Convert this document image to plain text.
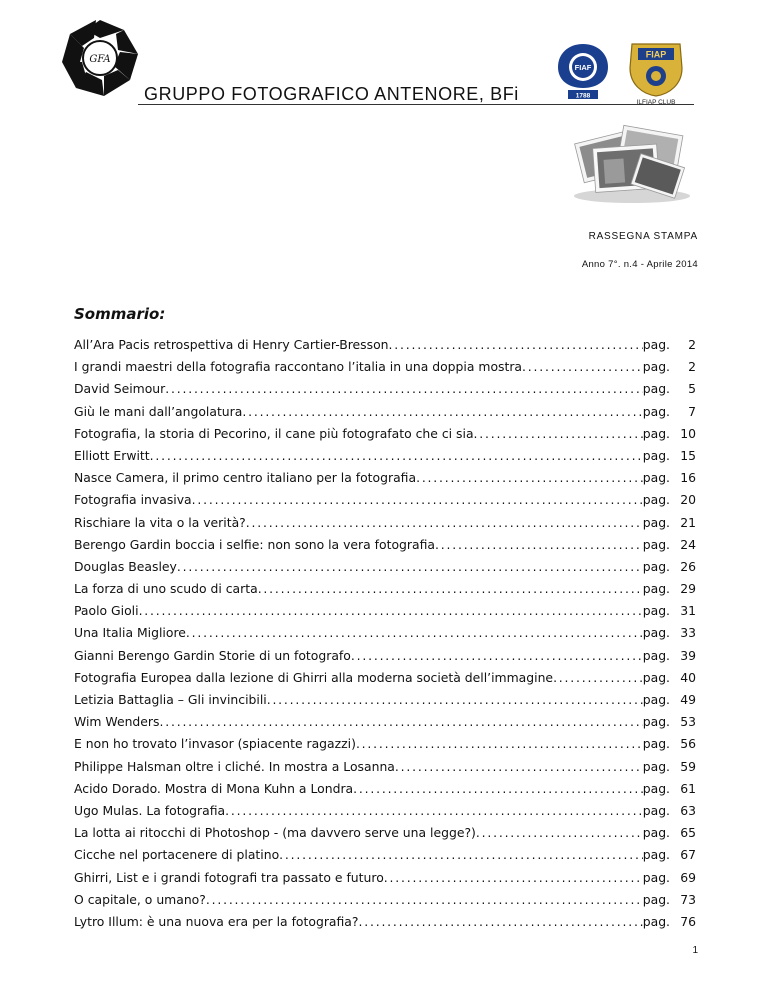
GFA
GRUPPO FOTOGRAFICO ANTENORE, BFi
FIAF
1788
FIAP
ILFIAP CLUB
RASSEGNA STAMPA
Anno 7°. n.4 - Aprile 2014
Sommario:
All’Ara Pacis retrospettiva di Henry Cartier-Bresson .....	pag.	2
I grandi maestri della fotografia raccontano l’italia in una doppia mostra .....	pag.	2
David Seimour .....	pag.	5
Giù le mani dall’angolatura .....	pag.	7
Fotografia, la storia di Pecorino, il cane più fotografato che ci sia .....	pag. 10
Elliott Erwitt .....	pag. 15
Nasce Camera, il primo centro italiano per la fotografia .....	pag. 16
Fotografia invasiva .....	pag. 20
Rischiare la vita o la verità? .....	pag. 21
Berengo Gardin boccia i selfie: non sono la vera fotografia .....	pag. 24
Douglas Beasley .....	pag. 26
La forza di uno scudo di carta .....	pag. 29
Paolo Gioli .....	pag. 31
Una Italia Migliore .....	pag. 33
Gianni Berengo Gardin Storie di un fotografo .....	pag. 39
Fotografia Europea dalla lezione di Ghirri alla moderna società dell’immagine .....	pag. 40
Letizia Battaglia – Gli invincibili .....	pag. 49
Wim Wenders .....	pag. 53
E non ho trovato l’invasor (spiacente ragazzi) .....	pag. 56
Philippe Halsman oltre i cliché. In mostra a Losanna .....	pag. 59
Acido Dorado. Mostra di Mona Kuhn a Londra .....	pag. 61
Ugo Mulas. La fotografia .....	pag. 63
La lotta ai ritocchi di Photoshop - (ma davvero serve una legge?) .....	pag. 65
Cicche nel portacenere di platino .....	pag. 67
Ghirri, List e i grandi fotografi tra passato e futuro .....	pag. 69
O capitale, o umano? .....	pag. 73
Lytro Illum: è una nuova era per la fotografia? .....	pag. 76
1
